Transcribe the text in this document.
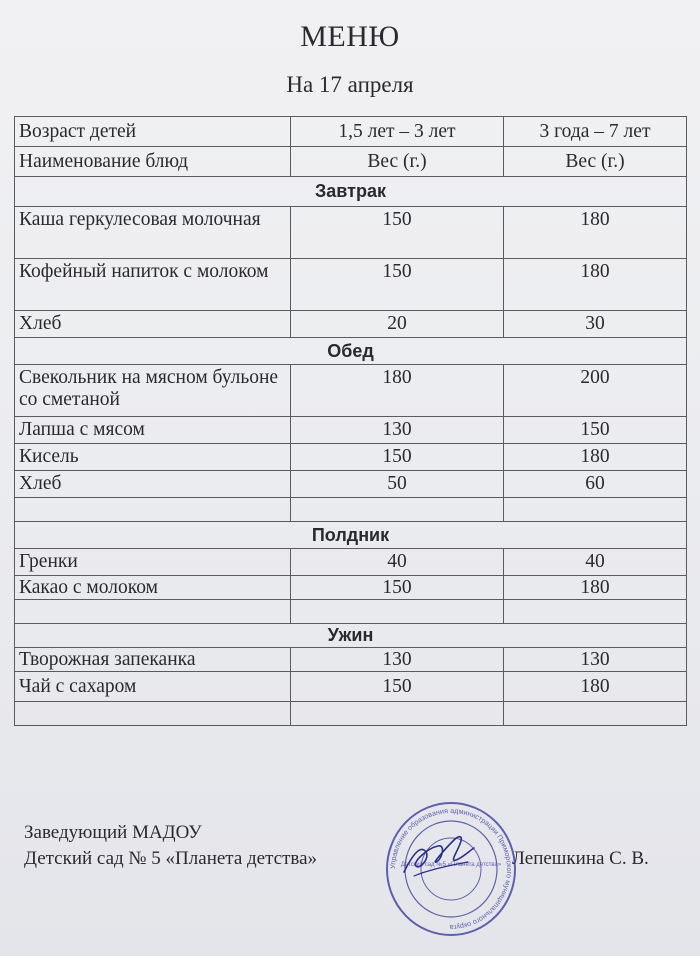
МЕНЮ
На 17 апреля
Возраст детей	1,5 лет – 3 лет	3 года – 7 лет
Наименование блюд	Вес (г.)	Вес (г.)
Завтрак		
Каша геркулесовая молочная	150	180
Кофейный напиток с молоком	150	180
Хлеб	20	30
Обед		
Свекольник на мясном бульоне со сметаной	180	200
Лапша с мясом	130	150
Кисель	150	180
Хлеб	50	60

Полдник		
Гренки	40	40
Какао с молоком	150	180

Ужин		
Творожная запеканка	130	130
Чай с сахаром	150	180

Заведующий МАДОУ
Детский сад № 5 «Планета детства»	Лепешкина С. В.
Управление образования администрации Приморского муниципального округа
Детский сад №5 «Планета детства»
